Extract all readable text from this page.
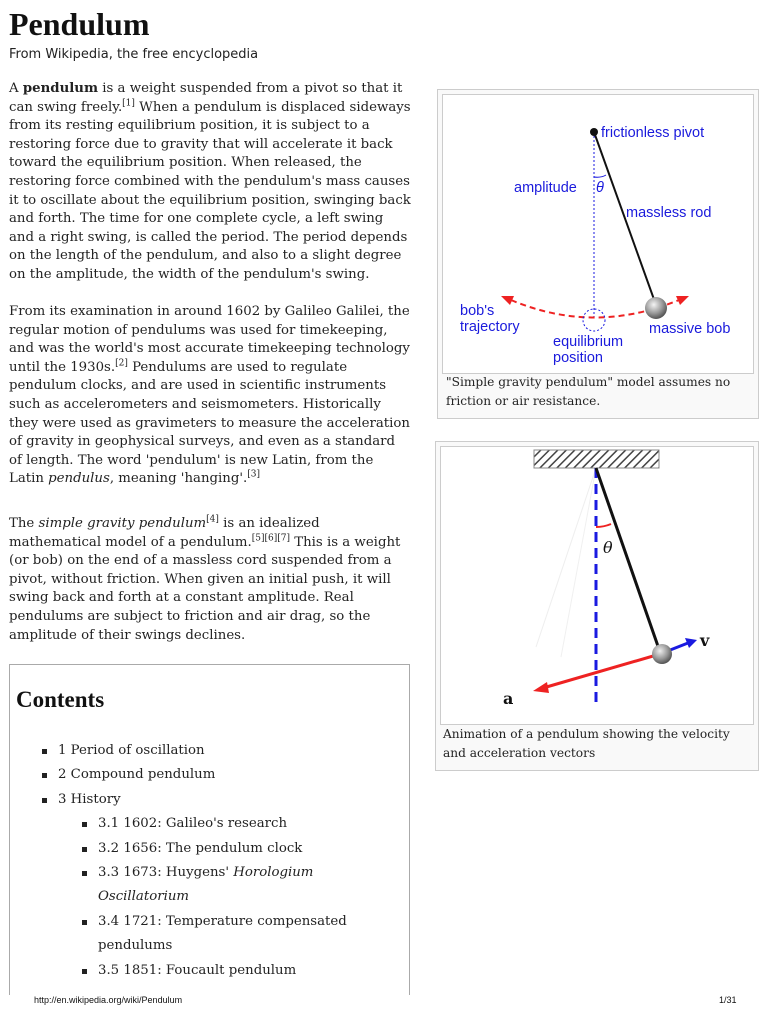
Pendulum
From Wikipedia, the free encyclopedia

A pendulum is a weight suspended from a pivot so that it can swing freely.[1] When a pendulum is displaced sideways from its resting equilibrium position, it is subject to a restoring force due to gravity that will accelerate it back toward the equilibrium position. When released, the restoring force combined with the pendulum's mass causes it to oscillate about the equilibrium position, swinging back and forth. The time for one complete cycle, a left swing and a right swing, is called the period. The period depends on the length of the pendulum, and also to a slight degree on the amplitude, the width of the pendulum's swing.

From its examination in around 1602 by Galileo Galilei, the regular motion of pendulums was used for timekeeping, and was the world's most accurate timekeeping technology until the 1930s.[2] Pendulums are used to regulate pendulum clocks, and are used in scientific instruments such as accelerometers and seismometers. Historically they were used as gravimeters to measure the acceleration of gravity in geophysical surveys, and even as a standard of length. The word 'pendulum' is new Latin, from the Latin pendulus, meaning 'hanging'.[3]

The simple gravity pendulum[4] is an idealized mathematical model of a pendulum.[5][6][7] This is a weight (or bob) on the end of a massless cord suspended from a pivot, without friction. When given an initial push, it will swing back and forth at a constant amplitude. Real pendulums are subject to friction and air drag, so the amplitude of their swings declines.

Contents
1 Period of oscillation
2 Compound pendulum
3 History
3.1 1602: Galileo's research
3.2 1656: The pendulum clock
3.3 1673: Huygens' Horologium Oscillatorium
3.4 1721: Temperature compensated pendulums
3.5 1851: Foucault pendulum
frictionless pivot
amplitude θ
massless rod
bob's
trajectory	massive bob
equilibrium
position
"Simple gravity pendulum" model assumes no friction or air resistance.
θ
v
a
Animation of a pendulum showing the velocity and acceleration vectors
http://en.wikipedia.org/wiki/Pendulum	1/31
